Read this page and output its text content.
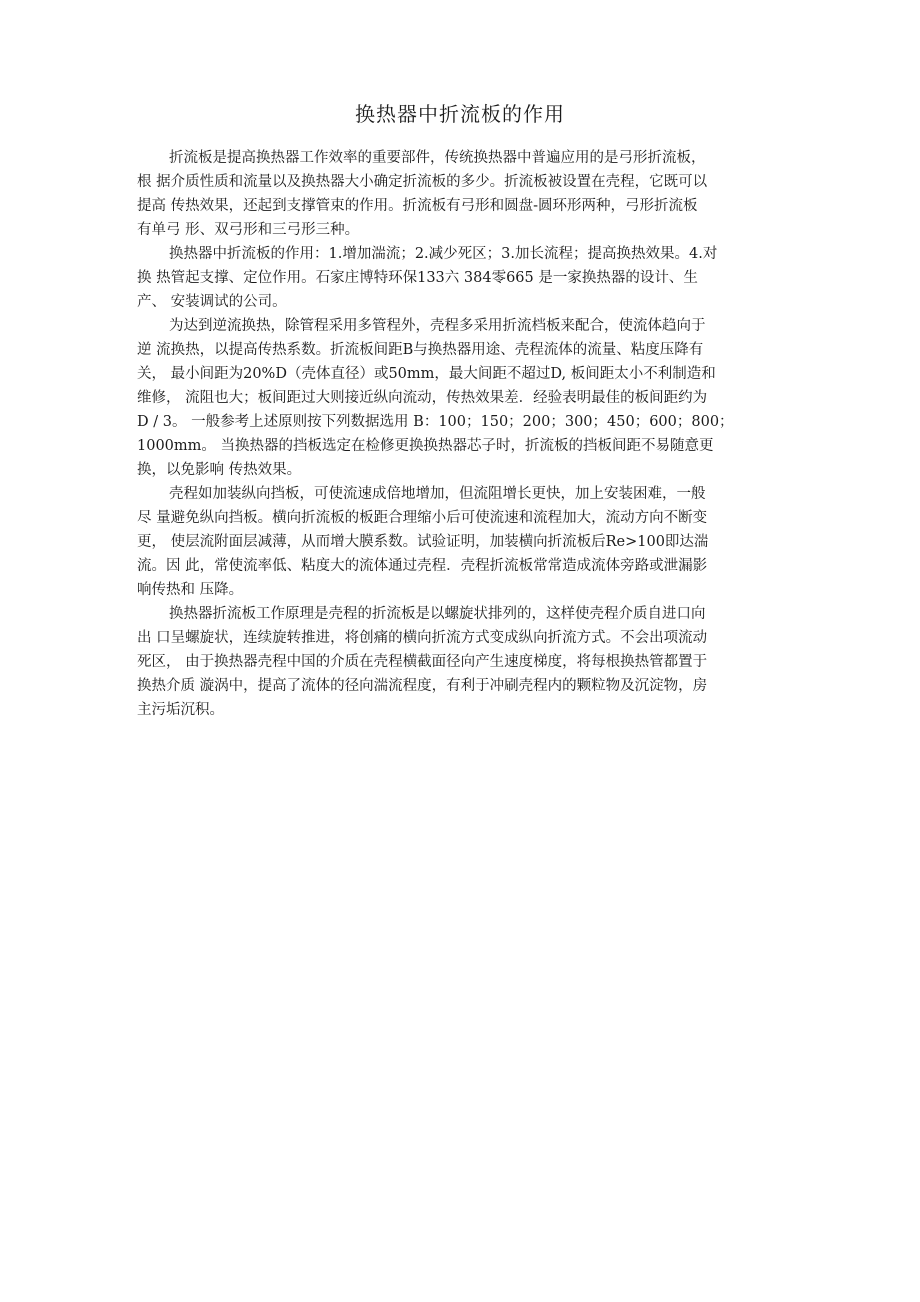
换热器中折流板的作用

折流板是提高换热器工作效率的重要部件，传统换热器中普遍应用的是弓形折流板，
根 据介质性质和流量以及换热器大小确定折流板的多少。折流板被设置在壳程，它既可以
提高 传热效果，还起到支撑管束的作用。折流板有弓形和圆盘-圆环形两种，弓形折流板
有单弓 形、双弓形和三弓形三种。

换热器中折流板的作用：1.增加湍流；2.减少死区；3.加长流程；提高换热效果。4.对
换 热管起支撑、定位作用。石家庄博特环保133六 384零665 是一家换热器的设计、生
产、 安装调试的公司。

为达到逆流换热，除管程采用多管程外，壳程多采用折流档板来配合，使流体趋向于
逆 流换热，以提高传热系数。折流板间距B与换热器用途、壳程流体的流量、粘度压降有
关， 最小间距为20%D（壳体直径）或50mm，最大间距不超过D, 板间距太小不利制造和
维修， 流阻也大；板间距过大则接近纵向流动，传热效果差．经验表明最佳的板间距约为
D / 3。 一般参考上述原则按下列数据选用 B：100；150；200；300；450；600；800；
1000mm。 当换热器的挡板选定在检修更换换热器芯子时，折流板的挡板间距不易随意更
换，以免影响 传热效果。

壳程如加装纵向挡板，可使流速成倍地增加，但流阻增长更快，加上安装困难，一般
尽 量避免纵向挡板。横向折流板的板距合理缩小后可使流速和流程加大，流动方向不断变
更， 使层流附面层减薄，从而增大膜系数。试验证明，加装横向折流板后Re>100即达湍
流。因 此，常使流率低、粘度大的流体通过壳程．壳程折流板常常造成流体旁路或泄漏影
响传热和 压降。

换热器折流板工作原理是壳程的折流板是以螺旋状排列的，这样使壳程介质自进口向
出 口呈螺旋状，连续旋转推进，将创痛的横向折流方式变成纵向折流方式。不会出项流动
死区， 由于换热器壳程中国的介质在壳程横截面径向产生速度梯度，将每根换热管都置于
换热介质 漩涡中，提高了流体的径向湍流程度，有利于冲刷壳程内的颗粒物及沉淀物，房
主污垢沉积。
